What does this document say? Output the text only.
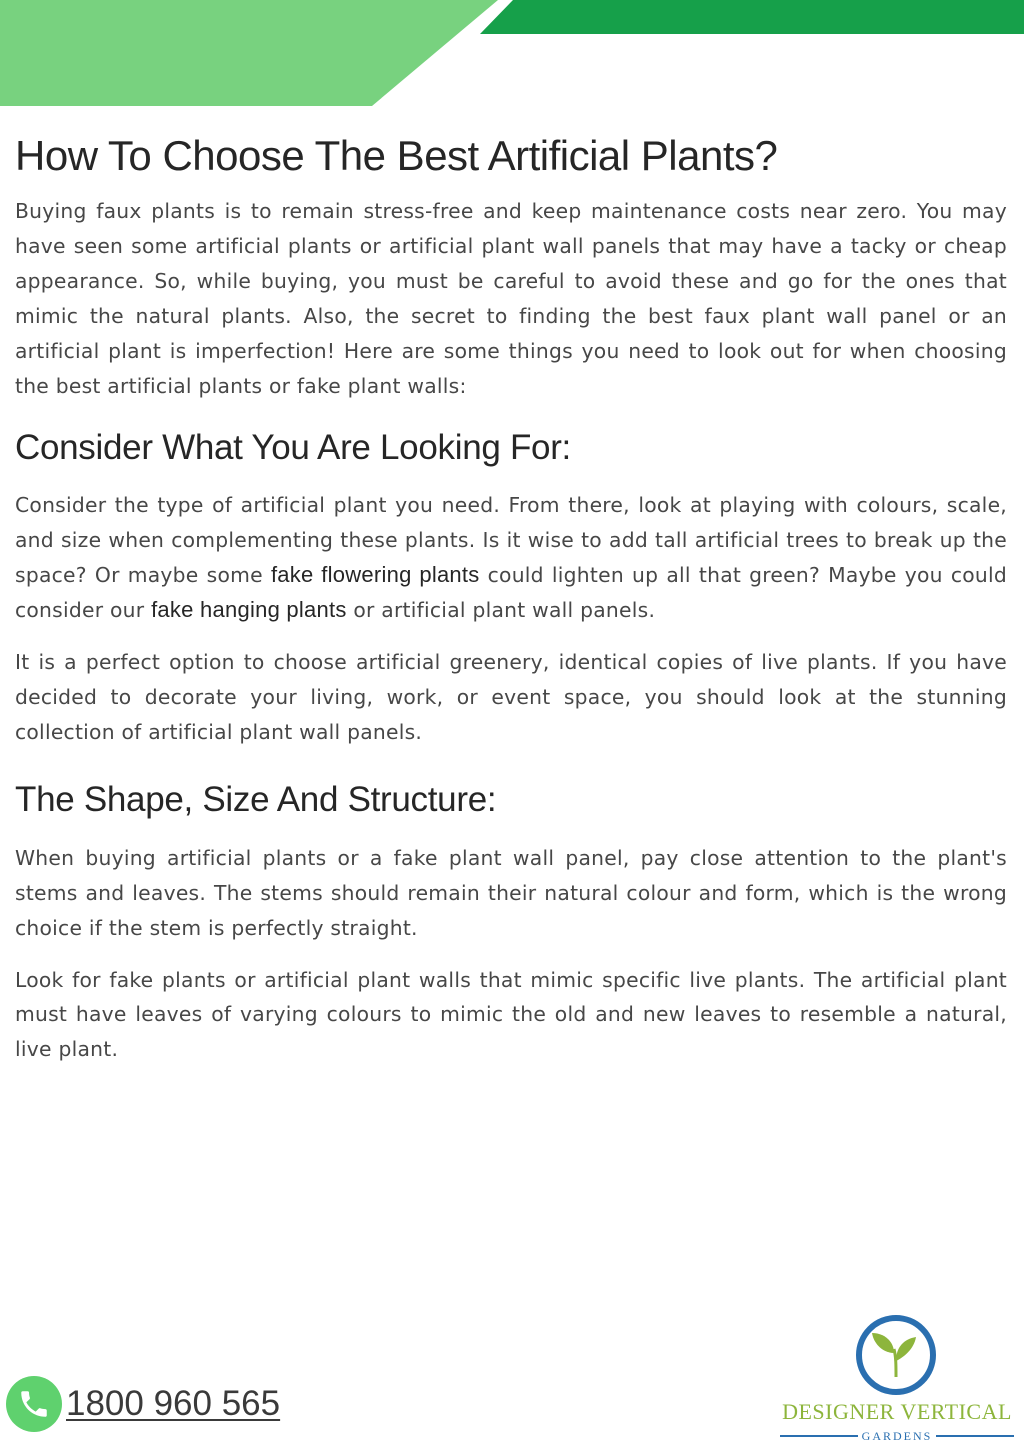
How To Choose The Best Artificial Plants?

Buying faux plants is to remain stress-free and keep maintenance costs near zero. You may have seen some artificial plants or artificial plant wall panels that may have a tacky or cheap appearance. So, while buying, you must be careful to avoid these and go for the ones that mimic the natural plants. Also, the secret to finding the best faux plant wall panel or an artificial plant is imperfection! Here are some things you need to look out for when choosing the best artificial plants or fake plant walls:

Consider What You Are Looking For:

Consider the type of artificial plant you need. From there, look at playing with colours, scale, and size when complementing these plants. Is it wise to add tall artificial trees to break up the space? Or maybe some fake flowering plants could lighten up all that green? Maybe you could consider our fake hanging plants or artificial plant wall panels.

It is a perfect option to choose artificial greenery, identical copies of live plants. If you have decided to decorate your living, work, or event space, you should look at the stunning collection of artificial plant wall panels.

The Shape, Size And Structure:

When buying artificial plants or a fake plant wall panel, pay close attention to the plant's stems and leaves. The stems should remain their natural colour and form, which is the wrong choice if the stem is perfectly straight.

Look for fake plants or artificial plant walls that mimic specific live plants. The artificial plant must have leaves of varying colours to mimic the old and new leaves to resemble a natural, live plant.

1800 960 565	DESIGNER VERTICAL
GARDENS
